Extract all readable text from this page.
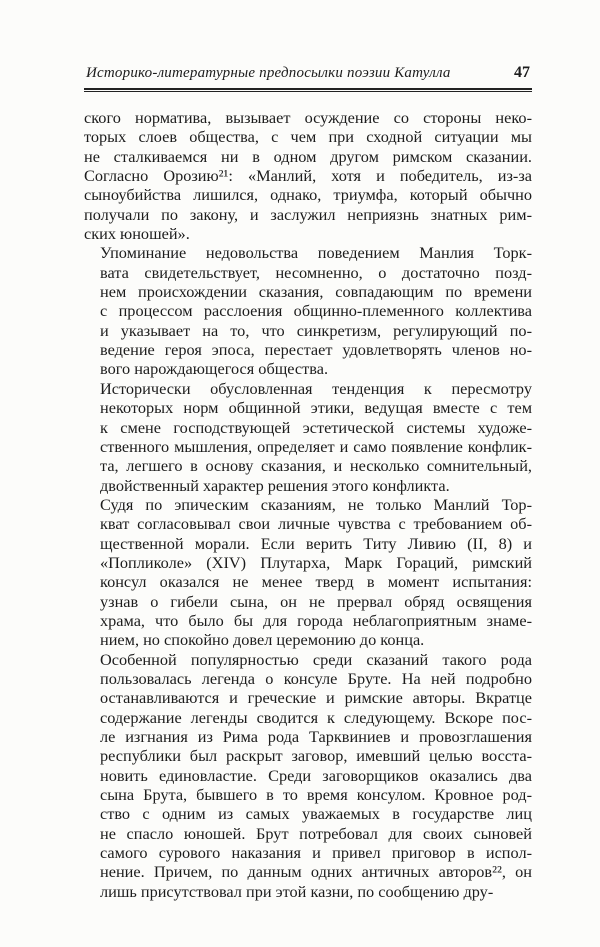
Историко-литературные предпосылки поэзии Катулла	47

ского норматива, вызывает осуждение со стороны неко-
торых слоев общества, с чем при сходной ситуации мы
не сталкиваемся ни в одном другом римском сказании.
Согласно Орозию²¹: «Манлий, хотя и победитель, из-за
сыноубийства лишился, однако, триумфа, который обычно
получали по закону, и заслужил неприязнь знатных рим-
ских юношей».

Упоминание недовольства поведением Манлия Торк-
вата свидетельствует, несомненно, о достаточно позд-
нем происхождении сказания, совпадающим по времени
с процессом расслоения общинно-племенного коллектива
и указывает на то, что синкретизм, регулирующий по-
ведение героя эпоса, перестает удовлетворять членов но-
вого нарождающегося общества.

Исторически обусловленная тенденция к пересмотру
некоторых норм общинной этики, ведущая вместе с тем
к смене господствующей эстетической системы художе-
ственного мышления, определяет и само появление конфлик-
та, легшего в основу сказания, и несколько сомнительный,
двойственный характер решения этого конфликта.

Судя по эпическим сказаниям, не только Манлий Тор-
кват согласовывал свои личные чувства с требованием об-
щественной морали. Если верить Титу Ливию (II, 8) и
«Попликоле» (XIV) Плутарха, Марк Гораций, римский
консул оказался не менее тверд в момент испытания:
узнав о гибели сына, он не прервал обряд освящения
храма, что было бы для города неблагоприятным знаме-
нием, но спокойно довел церемонию до конца.

Особенной популярностью среди сказаний такого рода
пользовалась легенда о консуле Бруте. На ней подробно
останавливаются и греческие и римские авторы. Вкратце
содержание легенды сводится к следующему. Вскоре пос-
ле изгнания из Рима рода Тарквиниев и провозглашения
республики был раскрыт заговор, имевший целью восста-
новить единовластие. Среди заговорщиков оказались два
сына Брута, бывшего в то время консулом. Кровное род-
ство с одним из самых уважаемых в государстве лиц
не спасло юношей. Брут потребовал для своих сыновей
самого сурового наказания и привел приговор в испол-
нение. Причем, по данным одних античных авторов²², он
лишь присутствовал при этой казни, по сообщению дру-
